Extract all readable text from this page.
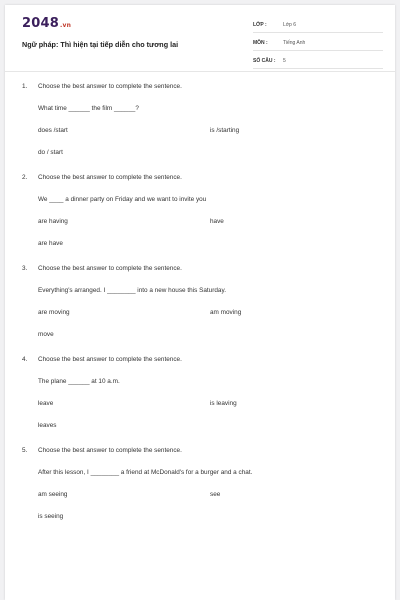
2048.vn
Ngữ pháp: Thì hiện tại tiếp diễn cho tương lai
LỚP :	Lớp 6
MÔN :	Tiếng Anh
SỐ CÂU :	5
1. Choose the best answer to complete the sentence.
What time ______ the film ______?
does /start	is /starting
do / start
2. Choose the best answer to complete the sentence.
We ____ a dinner party on Friday and we want to invite you
are having	have
are have
3. Choose the best answer to complete the sentence.
Everything's arranged. I ________ into a new house this Saturday.
are moving	am moving
move
4. Choose the best answer to complete the sentence.
The plane ______ at 10 a.m.
leave	is leaving
leaves
5. Choose the best answer to complete the sentence.
After this lesson, I ________ a friend at McDonald's for a burger and a chat.
am seeing	see
is seeing
